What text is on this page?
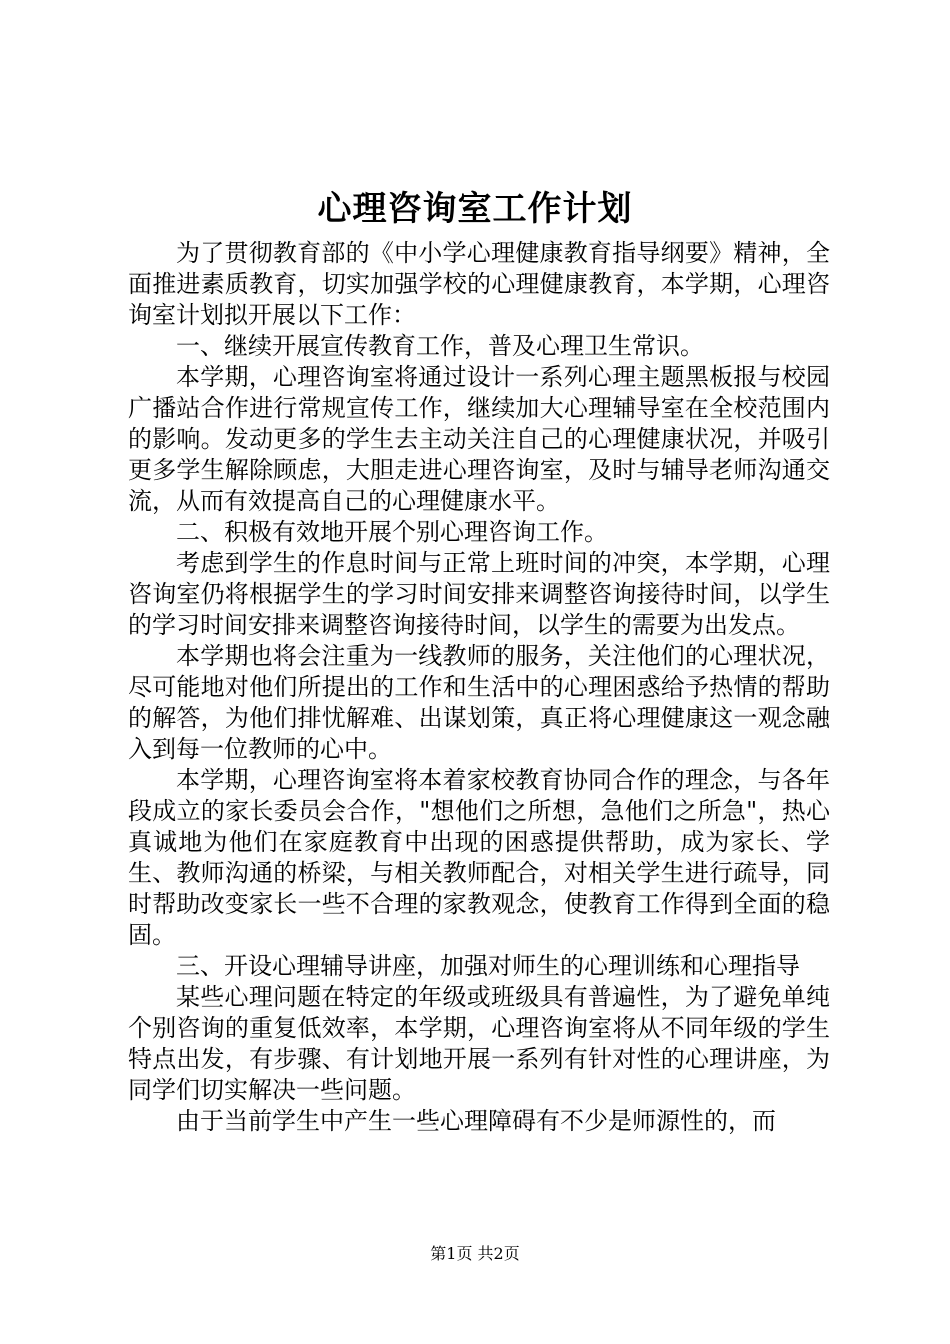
心理咨询室工作计划

为了贯彻教育部的《中小学心理健康教育指导纲要》精神，全面推进素质教育，切实加强学校的心理健康教育，本学期，心理咨询室计划拟开展以下工作：

一、继续开展宣传教育工作，普及心理卫生常识。

本学期，心理咨询室将通过设计一系列心理主题黑板报与校园广播站合作进行常规宣传工作，继续加大心理辅导室在全校范围内的影响。发动更多的学生去主动关注自己的心理健康状况，并吸引更多学生解除顾虑，大胆走进心理咨询室，及时与辅导老师沟通交流，从而有效提高自己的心理健康水平。

二、积极有效地开展个别心理咨询工作。

考虑到学生的作息时间与正常上班时间的冲突，本学期，心理咨询室仍将根据学生的学习时间安排来调整咨询接待时间，以学生的学习时间安排来调整咨询接待时间，以学生的需要为出发点。

本学期也将会注重为一线教师的服务，关注他们的心理状况，尽可能地对他们所提出的工作和生活中的心理困惑给予热情的帮助的解答，为他们排忧解难、出谋划策，真正将心理健康这一观念融入到每一位教师的心中。

本学期，心理咨询室将本着家校教育协同合作的理念，与各年段成立的家长委员会合作，"想他们之所想，急他们之所急"，热心真诚地为他们在家庭教育中出现的困惑提供帮助，成为家长、学生、教师沟通的桥梁，与相关教师配合，对相关学生进行疏导，同时帮助改变家长一些不合理的家教观念，使教育工作得到全面的稳固。

三、开设心理辅导讲座，加强对师生的心理训练和心理指导

某些心理问题在特定的年级或班级具有普遍性，为了避免单纯个别咨询的重复低效率，本学期，心理咨询室将从不同年级的学生特点出发，有步骤、有计划地开展一系列有针对性的心理讲座，为同学们切实解决一些问题。

由于当前学生中产生一些心理障碍有不少是师源性的，而

第1页 共2页
